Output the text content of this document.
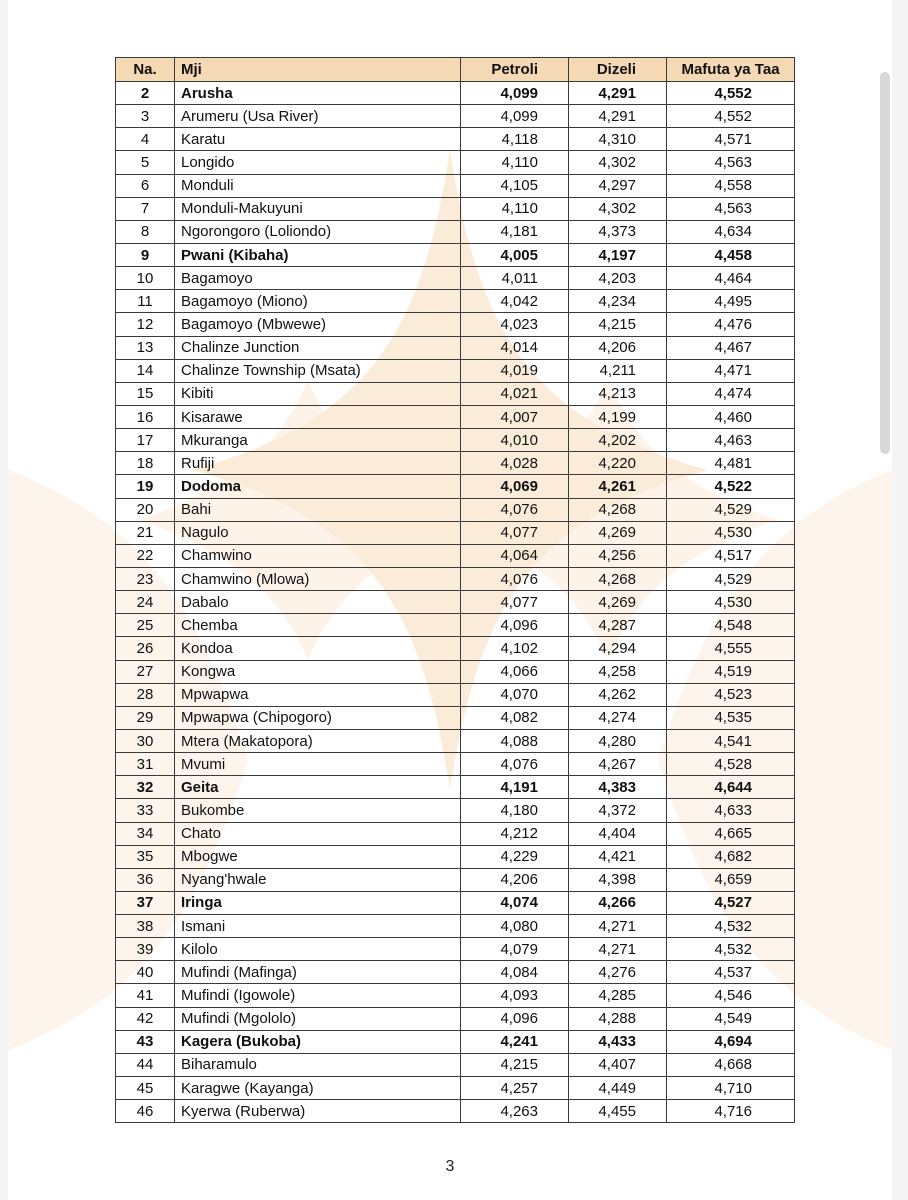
Na.	Mji	Petroli	Dizeli	Mafuta ya Taa
2	Arusha	4,099	4,291	4,552
3	Arumeru (Usa River)	4,099	4,291	4,552
4	Karatu	4,118	4,310	4,571
5	Longido	4,110	4,302	4,563
6	Monduli	4,105	4,297	4,558
7	Monduli-Makuyuni	4,110	4,302	4,563
8	Ngorongoro (Loliondo)	4,181	4,373	4,634
9	Pwani (Kibaha)	4,005	4,197	4,458
10	Bagamoyo	4,011	4,203	4,464
11	Bagamoyo (Miono)	4,042	4,234	4,495
12	Bagamoyo (Mbwewe)	4,023	4,215	4,476
13	Chalinze Junction	4,014	4,206	4,467
14	Chalinze Township (Msata)	4,019	4,211	4,471
15	Kibiti	4,021	4,213	4,474
16	Kisarawe	4,007	4,199	4,460
17	Mkuranga	4,010	4,202	4,463
18	Rufiji	4,028	4,220	4,481
19	Dodoma	4,069	4,261	4,522
20	Bahi	4,076	4,268	4,529
21	Nagulo	4,077	4,269	4,530
22	Chamwino	4,064	4,256	4,517
23	Chamwino (Mlowa)	4,076	4,268	4,529
24	Dabalo	4,077	4,269	4,530
25	Chemba	4,096	4,287	4,548
26	Kondoa	4,102	4,294	4,555
27	Kongwa	4,066	4,258	4,519
28	Mpwapwa	4,070	4,262	4,523
29	Mpwapwa (Chipogoro)	4,082	4,274	4,535
30	Mtera (Makatopora)	4,088	4,280	4,541
31	Mvumi	4,076	4,267	4,528
32	Geita	4,191	4,383	4,644
33	Bukombe	4,180	4,372	4,633
34	Chato	4,212	4,404	4,665
35	Mbogwe	4,229	4,421	4,682
36	Nyang'hwale	4,206	4,398	4,659
37	Iringa	4,074	4,266	4,527
38	Ismani	4,080	4,271	4,532
39	Kilolo	4,079	4,271	4,532
40	Mufindi (Mafinga)	4,084	4,276	4,537
41	Mufindi (Igowole)	4,093	4,285	4,546
42	Mufindi (Mgololo)	4,096	4,288	4,549
43	Kagera (Bukoba)	4,241	4,433	4,694
44	Biharamulo	4,215	4,407	4,668
45	Karagwe (Kayanga)	4,257	4,449	4,710
46	Kyerwa (Ruberwa)	4,263	4,455	4,716
3
